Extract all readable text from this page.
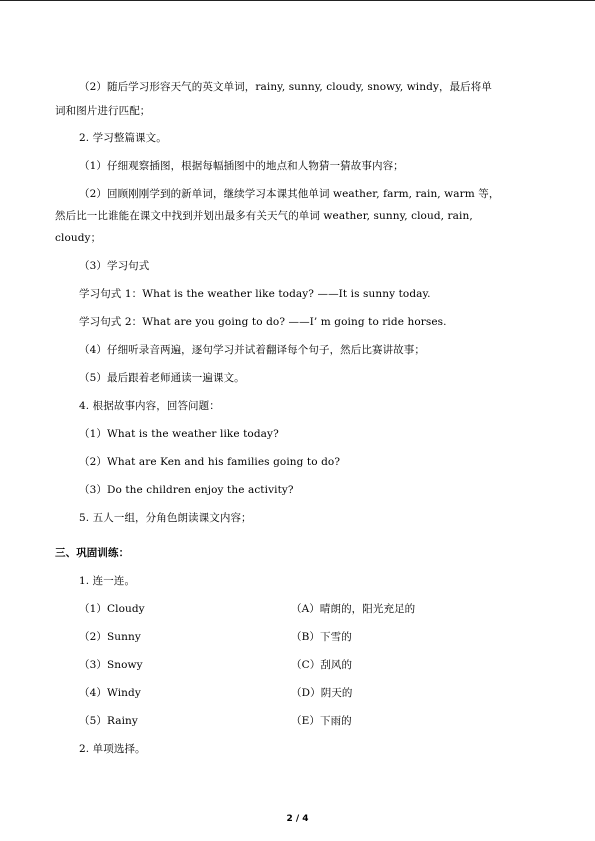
（2）随后学习形容天气的英文单词，rainy, sunny, cloudy, snowy, windy，最后将单
词和图片进行匹配；
2. 学习整篇课文。
（1）仔细观察插图，根据每幅插图中的地点和人物猜一猜故事内容；
（2）回顾刚刚学到的新单词，继续学习本课其他单词 weather, farm, rain, warm 等，
然后比一比谁能在课文中找到并划出最多有关天气的单词 weather, sunny, cloud, rain,
cloudy；
（3）学习句式
学习句式 1：What is the weather like today? ——It is sunny today.
学习句式 2：What are you going to do? ——I’ m going to ride horses.
（4）仔细听录音两遍，逐句学习并试着翻译每个句子，然后比赛讲故事；
（5）最后跟着老师通读一遍课文。
4. 根据故事内容，回答问题：
（1）What is the weather like today?
（2）What are Ken and his families going to do?
（3）Do the children enjoy the activity?
5. 五人一组，分角色朗读课文内容；
三、巩固训练：
1. 连一连。
（1）Cloudy	（A）晴朗的，阳光充足的
（2）Sunny	（B）下雪的
（3）Snowy	（C）刮风的
（4）Windy	（D）阴天的
（5）Rainy	（E）下雨的
2. 单项选择。
2 / 4
